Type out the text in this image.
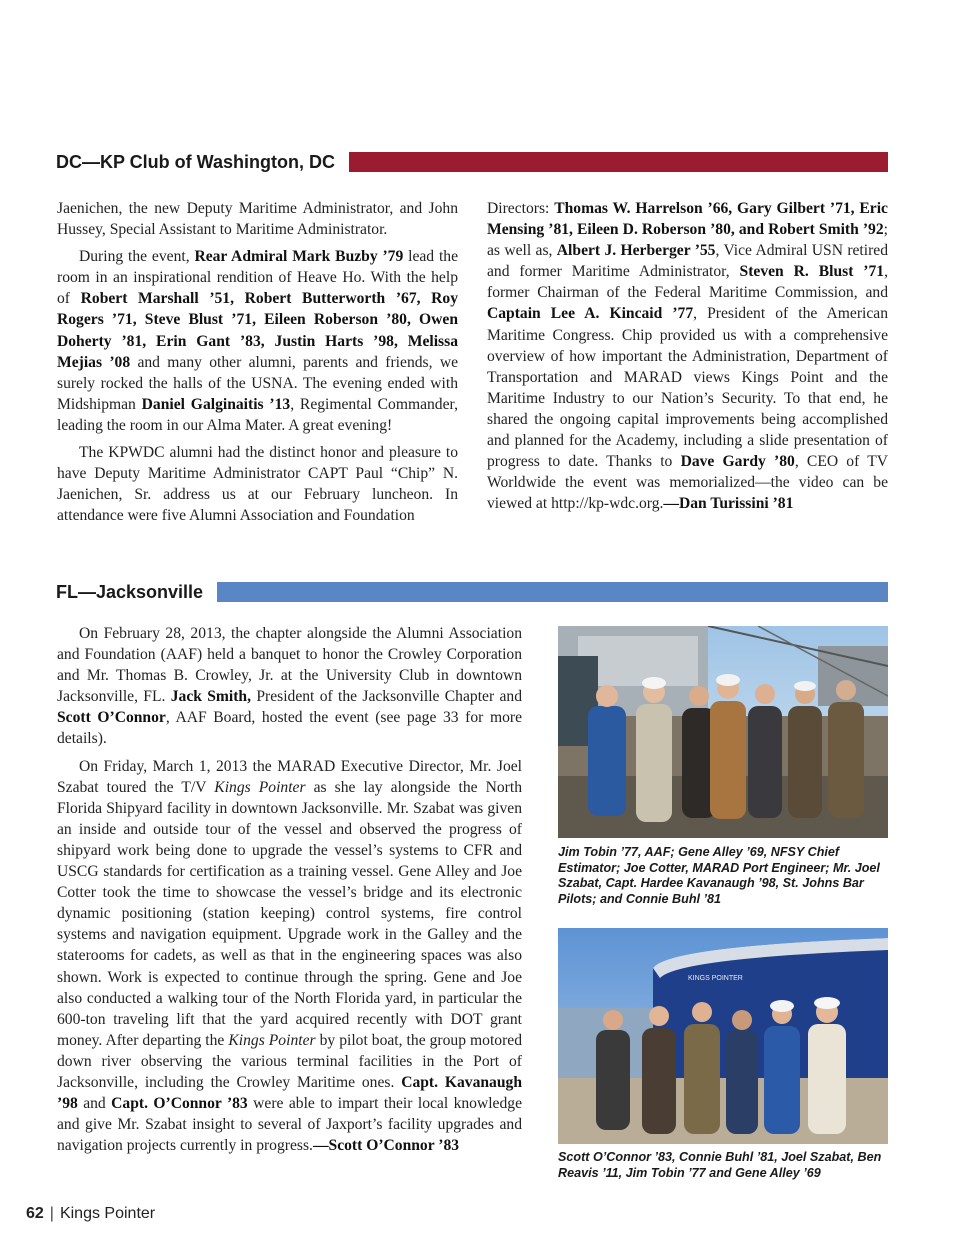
DC—KP Club of Washington, DC

Jaenichen, the new Deputy Maritime Administrator, and John Hussey, Special Assistant to Maritime Administrator.

During the event, Rear Admiral Mark Buzby ’79 lead the room in an inspirational rendition of Heave Ho. With the help of Robert Marshall ’51, Robert Butterworth ’67, Roy Rogers ’71, Steve Blust ’71, Eileen Roberson ’80, Owen Doherty ’81, Erin Gant ’83, Justin Harts ’98, Melissa Mejias ’08 and many other alumni, parents and friends, we surely rocked the halls of the USNA. The evening ended with Midshipman Daniel Galginaitis ’13, Regimental Commander, leading the room in our Alma Mater. A great evening!

The KPWDC alumni had the distinct honor and pleasure to have Deputy Maritime Administrator CAPT Paul “Chip” N. Jaenichen, Sr. address us at our February luncheon. In attendance were five Alumni Association and Foundation

Directors: Thomas W. Harrelson ’66, Gary Gilbert ’71, Eric Mensing ’81, Eileen D. Roberson ’80, and Robert Smith ’92; as well as, Albert J. Herberger ’55, Vice Admiral USN retired and former Maritime Administrator, Steven R. Blust ’71, former Chairman of the Federal Maritime Commission, and Captain Lee A. Kincaid ’77, President of the American Maritime Congress. Chip provided us with a comprehensive overview of how important the Administration, Department of Transportation and MARAD views Kings Point and the Maritime Industry to our Nation’s Security. To that end, he shared the ongoing capital improvements being accomplished and planned for the Academy, including a slide presentation of progress to date. Thanks to Dave Gardy ’80, CEO of TV Worldwide the event was memorialized—the video can be viewed at http://kp-wdc.org.—Dan Turissini ’81

FL—Jacksonville

On February 28, 2013, the chapter alongside the Alumni Association and Foundation (AAF) held a banquet to honor the Crowley Corporation and Mr. Thomas B. Crowley, Jr. at the University Club in downtown Jacksonville, FL. Jack Smith, President of the Jacksonville Chapter and Scott O’Connor, AAF Board, hosted the event (see page 33 for more details).

On Friday, March 1, 2013 the MARAD Executive Director, Mr. Joel Szabat toured the T/V Kings Pointer as she lay alongside the North Florida Shipyard facility in downtown Jacksonville. Mr. Szabat was given an inside and outside tour of the vessel and observed the progress of shipyard work being done to upgrade the vessel’s systems to CFR and USCG standards for certification as a training vessel. Gene Alley and Joe Cotter took the time to showcase the vessel’s bridge and its electronic dynamic positioning (station keeping) control systems, fire control systems and navigation equipment. Upgrade work in the Galley and the staterooms for cadets, as well as that in the engineering spaces was also shown. Work is expected to continue through the spring. Gene and Joe also conducted a walking tour of the North Florida yard, in particular the 600-ton traveling lift that the yard acquired recently with DOT grant money. After departing the Kings Pointer by pilot boat, the group motored down river observing the various terminal facilities in the Port of Jacksonville, including the Crowley Maritime ones. Capt. Kavanaugh ’98 and Capt. O’Connor ’83 were able to impart their local knowledge and give Mr. Szabat insight to several of Jaxport’s facility upgrades and navigation projects currently in progress.—Scott O’Connor ’83

Jim Tobin ’77, AAF; Gene Alley ’69, NFSY Chief Estimator; Joe Cotter, MARAD Port Engineer; Mr. Joel Szabat, Capt. Hardee Kavanaugh ’98, St. Johns Bar Pilots; and Connie Buhl ’81
KINGS POINTER
Scott O’Connor ’83, Connie Buhl ’81, Joel Szabat, Ben Reavis ’11, Jim Tobin ’77 and Gene Alley ’69
62 | Kings Pointer
